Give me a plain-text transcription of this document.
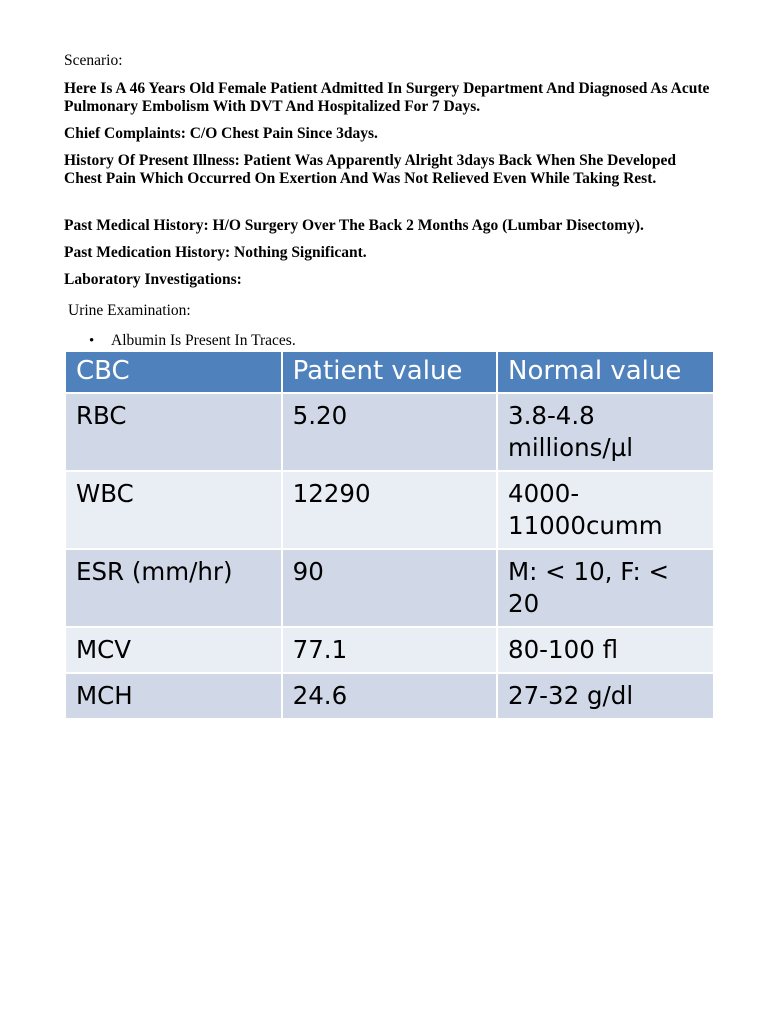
Scenario:
Here Is A 46 Years Old Female Patient Admitted In Surgery Department And Diagnosed As Acute Pulmonary Embolism With DVT And Hospitalized For 7 Days.
Chief Complaints: C/O Chest Pain Since 3days.
History Of Present Illness: Patient Was Apparently Alright 3days Back When She Developed Chest Pain Which Occurred On Exertion And Was Not Relieved Even While Taking Rest.
Past Medical History: H/O Surgery Over The Back 2 Months Ago (Lumbar Disectomy).
Past Medication History: Nothing Significant.
Laboratory Investigations:
Urine Examination:
• Albumin Is Present In Traces.
CBC	Patient value	Normal value
RBC	5.20	3.8-4.8 millions/µl
WBC	12290	4000-11000cumm
ESR (mm/hr)	90	M: < 10, F: < 20
MCV	77.1	80-100 fl
MCH	24.6	27-32 g/dl
